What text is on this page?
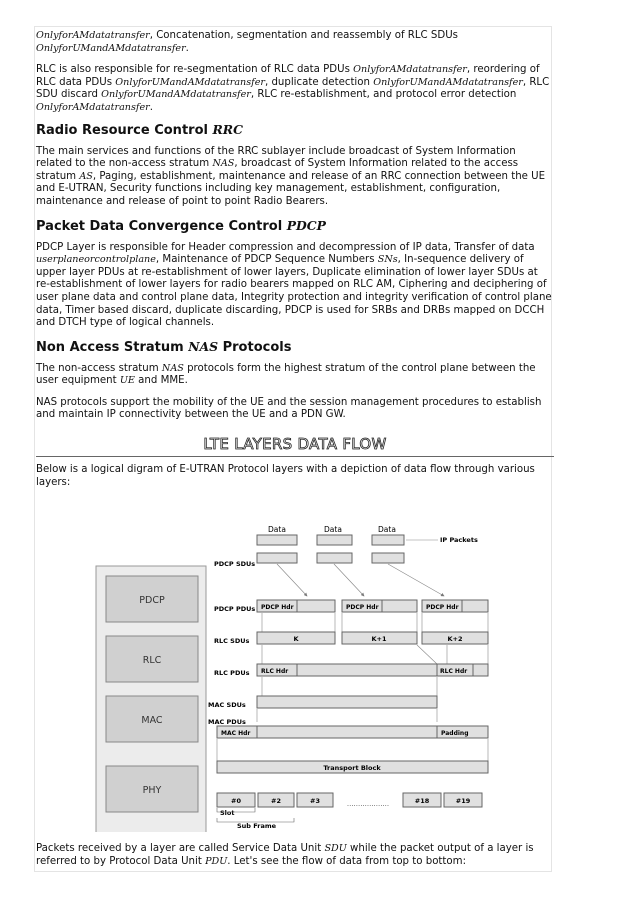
OnlyforAMdatatransfer, Concatenation, segmentation and reassembly of RLC SDUs
OnlyforUMandAMdatatransfer.

RLC is also responsible for re-segmentation of RLC data PDUs OnlyforAMdatatransfer, reordering of RLC data PDUs OnlyforUMandAMdatatransfer, duplicate detection OnlyforUMandAMdatatransfer, RLC SDU discard OnlyforUMandAMdatatransfer, RLC re-establishment, and protocol error detection OnlyforAMdatatransfer.

Radio Resource Control RRC

The main services and functions of the RRC sublayer include broadcast of System Information related to the non-access stratum NAS, broadcast of System Information related to the access stratum AS, Paging, establishment, maintenance and release of an RRC connection between the UE and E-UTRAN, Security functions including key management, establishment, configuration, maintenance and release of point to point Radio Bearers.

Packet Data Convergence Control PDCP

PDCP Layer is responsible for Header compression and decompression of IP data, Transfer of data userplaneorcontrolplane, Maintenance of PDCP Sequence Numbers SNs, In-sequence delivery of upper layer PDUs at re-establishment of lower layers, Duplicate elimination of lower layer SDUs at re-establishment of lower layers for radio bearers mapped on RLC AM, Ciphering and deciphering of user plane data and control plane data, Integrity protection and integrity verification of control plane data, Timer based discard, duplicate discarding, PDCP is used for SRBs and DRBs mapped on DCCH and DTCH type of logical channels.

Non Access Stratum NAS Protocols

The non-access stratum NAS protocols form the highest stratum of the control plane between the user equipment UE and MME.

NAS protocols support the mobility of the UE and the session management procedures to establish and maintain IP connectivity between the UE and a PDN GW.

LTE LAYERS DATA FLOW

Below is a logical digram of E-UTRAN Protocol layers with a depiction of data flow through various layers:

PDCP
RLC
MAC
PHY
Data	Data	Data
IP Packets
PDCP SDUs
PDCP PDUs PDCP Hdr	PDCP Hdr	PDCP Hdr
RLC SDUs	K	K+1	K+2
RLC PDUs RLC Hdr	RLC Hdr
MAC SDUs
MAC PDUs
MAC Hdr	Padding
Transport Block
#0	#2	#3	...................	#18	#19
Slot
Sub Frame

Packets received by a layer are called Service Data Unit SDU while the packet output of a layer is referred to by Protocol Data Unit PDU. Let's see the flow of data from top to bottom:
